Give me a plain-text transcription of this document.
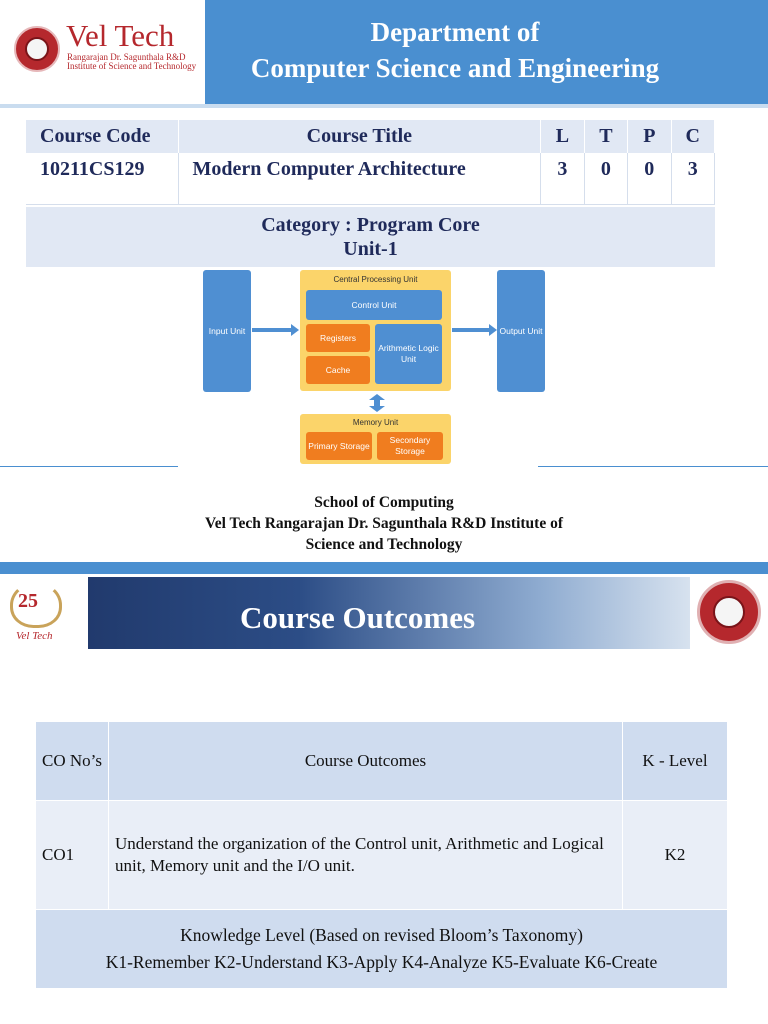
Vel Tech
Rangarajan Dr. Sagunthala R&D Institute of Science and Technology
Department of
Computer Science and Engineering
Course Code	Course Title	L	T	P	C
10211CS129	Modern Computer Architecture	3	0	0	3
Category : Program Core
Unit-1
Input Unit
Central Processing Unit
Control Unit
Registers
Cache
Arithmetic Logic Unit
Output Unit
Memory Unit
Primary Storage
Secondary Storage
School of Computing
Vel Tech Rangarajan Dr. Sagunthala R&D Institute of
Science and Technology
25
Vel Tech
Course Outcomes
CO No’s	Course Outcomes	K - Level
CO1	Understand the organization of the Control unit, Arithmetic and Logical unit, Memory unit and the I/O unit.	K2

Knowledge Level (Based on revised Bloom’s Taxonomy)
K1-Remember K2-Understand K3-Apply K4-Analyze K5-Evaluate K6-Create		
